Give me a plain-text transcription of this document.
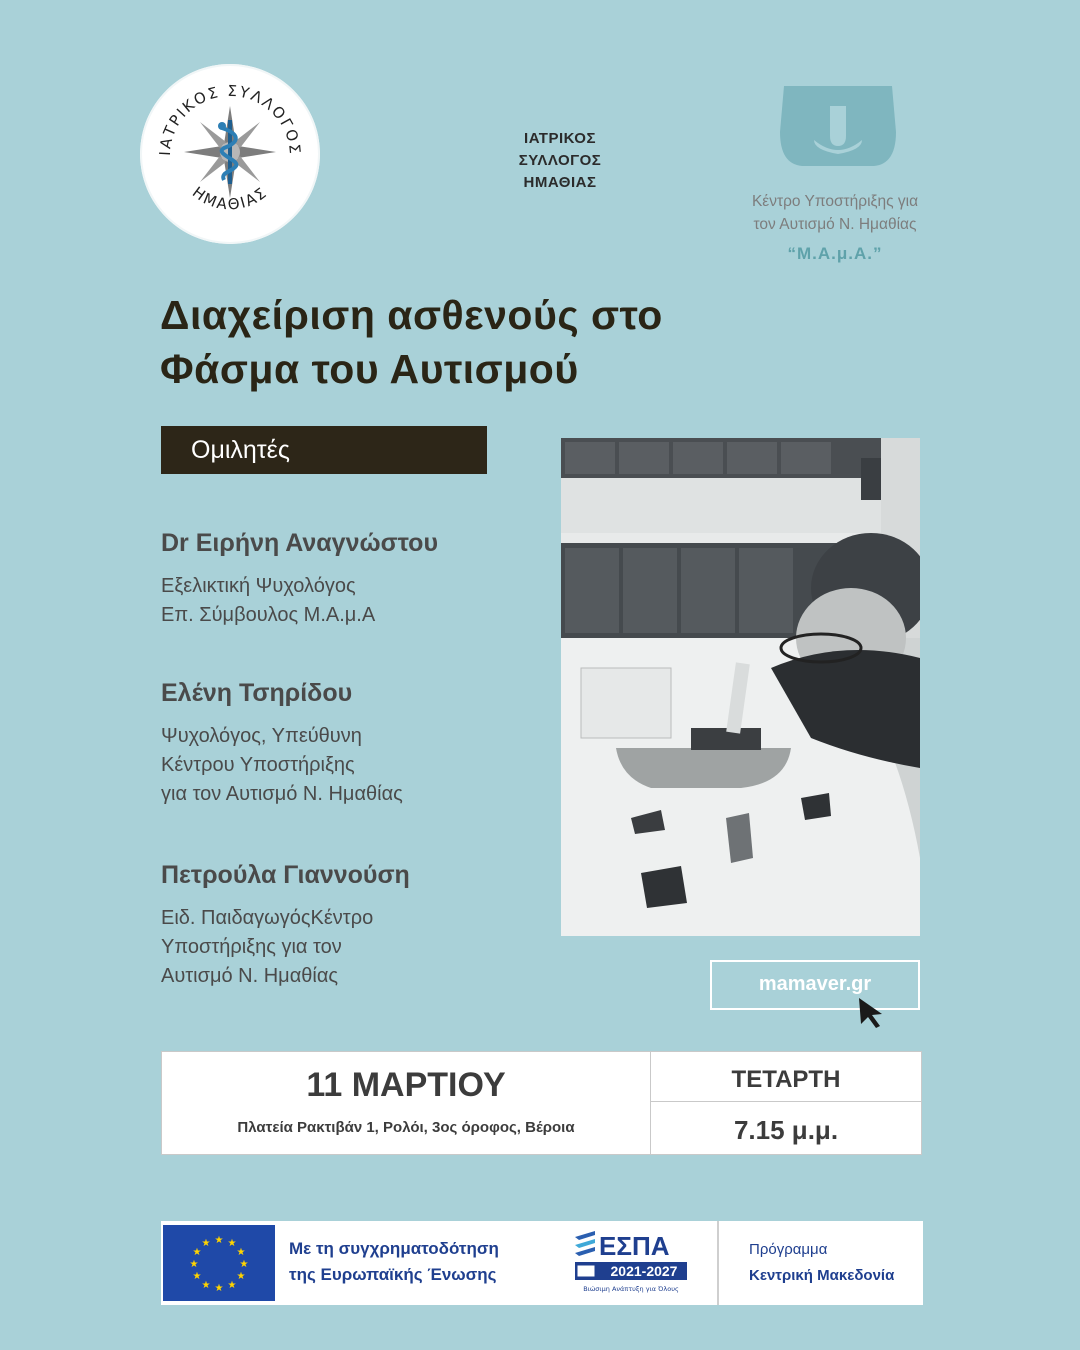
ΙΑΤΡΙΚΟΣ ΣΥΛΛΟΓΟΣ
ΗΜΑΘΙΑΣ
ΙΑΤΡΙΚΟΣ
ΣΥΛΛΟΓΟΣ
ΗΜΑΘΙΑΣ
Κέντρο Υποστήριξης για
τον Αυτισμό Ν. Ημαθίας
“Μ.Α.μ.Α.”
Διαχείριση ασθενούς στο
Φάσμα του Αυτισμού
Ομιλητές
Dr Ειρήνη Αναγνώστου
Εξελικτική Ψυχολόγος
Επ. Σύμβουλος Μ.Α.μ.Α
Ελένη Τσηρίδου
Ψυχολόγος, Υπεύθυνη
Κέντρου Υποστήριξης
για τον Αυτισμό Ν. Ημαθίας
Πετρούλα Γιαννούση
Ειδ. ΠαιδαγωγόςΚέντρο
Υποστήριξης για τον
Αυτισμό Ν. Ημαθίας	mamaver.gr
11 ΜΑΡΤΙΟΥ
Πλατεία Ρακτιβάν 1, Ρολόι, 3ος όροφος, Βέροια
ΤΕΤΑΡΤΗ
7.15 μ.μ.
★ ★
★
★
★
★
★
★
★
★
★
★	Με τη συγχρηματοδότηση
της Ευρωπαϊκής Ένωσης
ΕΣΠΑ
2021-2027
Βιώσιμη Ανάπτυξη για Όλους
Πρόγραμμα
Κεντρική Μακεδονία
